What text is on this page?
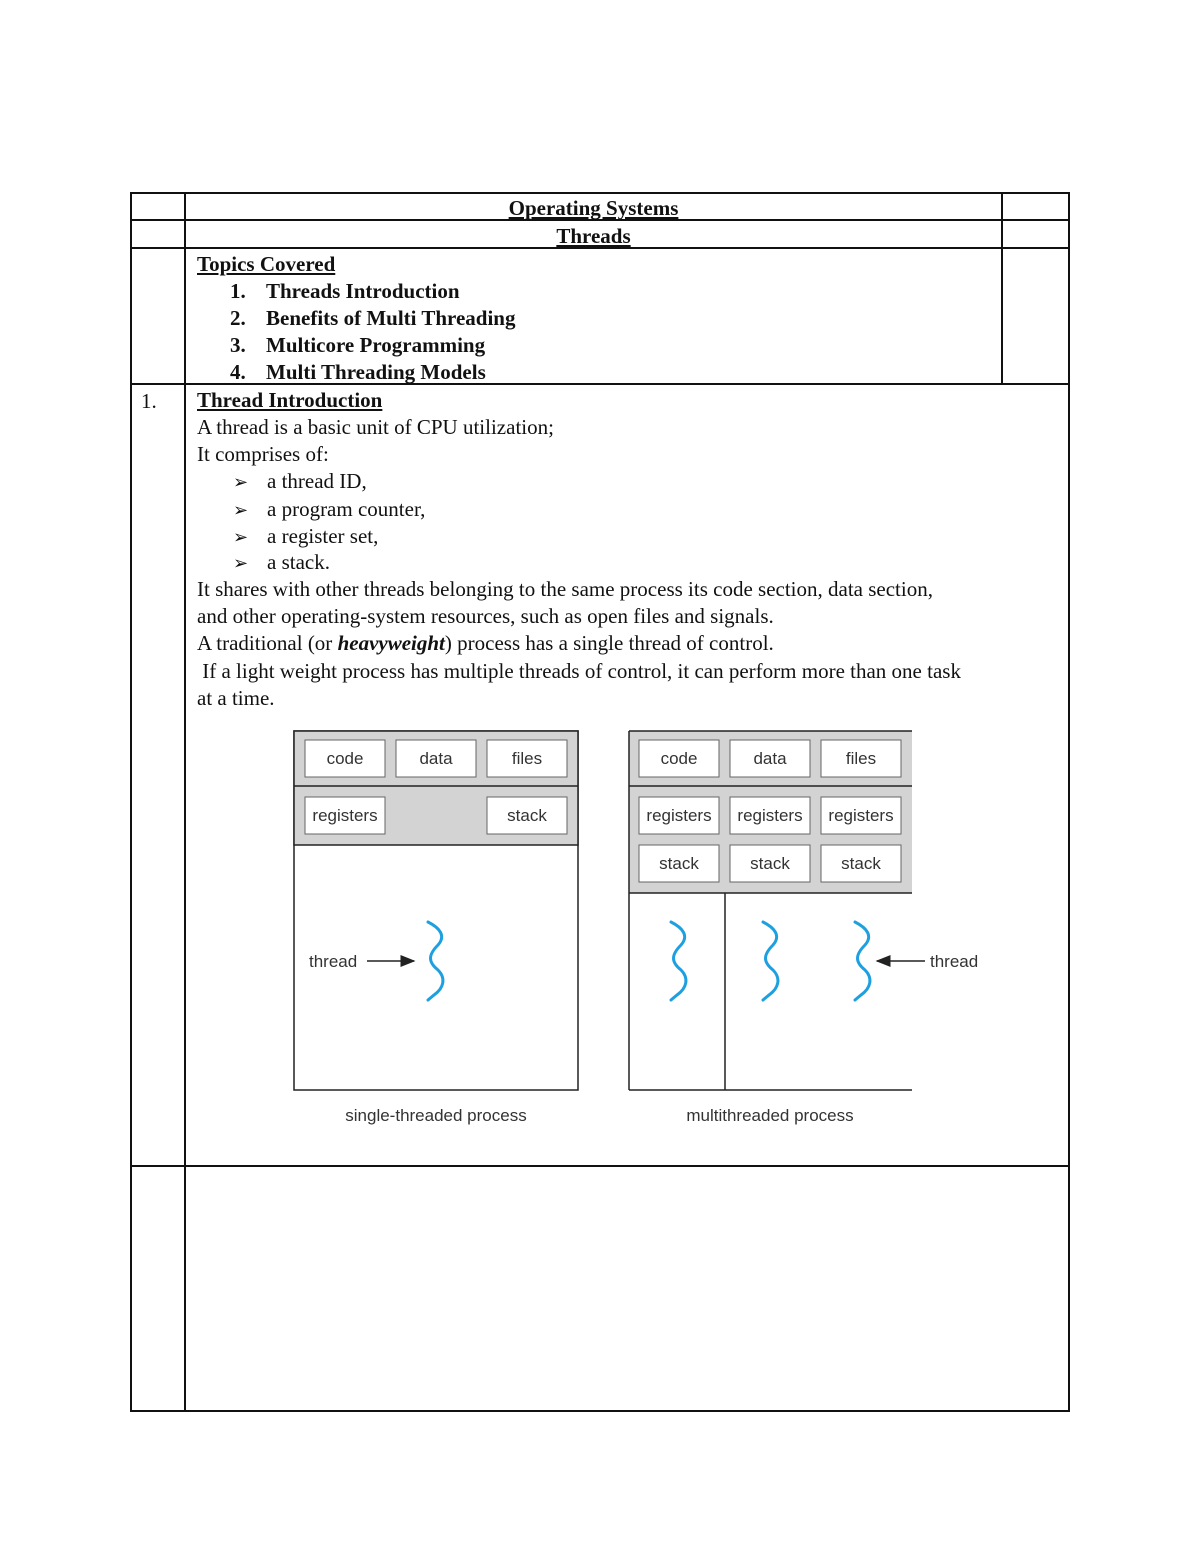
Operating Systems
Threads
Topics Covered
1. Threads Introduction
2. Benefits of Multi Threading
3. Multicore Programming
4. Multi Threading Models
1. Thread Introduction
A thread is a basic unit of CPU utilization;
It comprises of:
➢ a thread ID,
➢ a program counter,
➢ a register set,
➢ a stack.
It shares with other threads belonging to the same process its code section, data section,
and other operating-system resources, such as open files and signals.
A traditional (or heavyweight) process has a single thread of control.
If a light weight process has multiple threads of control, it can perform more than one task
at a time.
code	data	files
registers	stack
thread
single-threaded process
code	data	files
registers registers registers
stack	stack	stack
thread
multithreaded process
